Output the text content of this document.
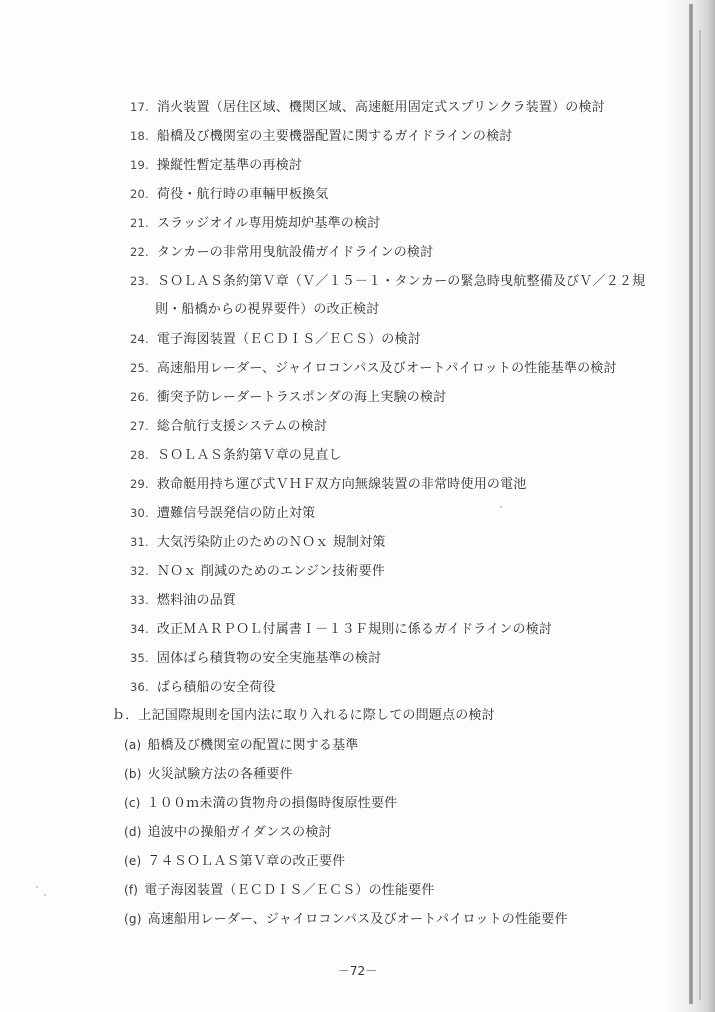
17. 消火装置（居住区域、機関区域、高速艇用固定式スプリンクラ装置）の検討
18. 船橋及び機関室の主要機器配置に関するガイドラインの検討
19. 操縦性暫定基準の再検討
20. 荷役・航行時の車輛甲板換気
21. スラッジオイル専用焼却炉基準の検討
22. タンカーの非常用曳航設備ガイドラインの検討
23. ＳＯＬＡＳ条約第Ｖ章（Ｖ／１５－１・タンカーの緊急時曳航整備及びＶ／２２規
則・船橋からの視界要件）の改正検討
24. 電子海図装置（ＥＣＤＩＳ／ＥＣＳ）の検討
25. 高速船用レーダー、ジャイロコンパス及びオートパイロットの性能基準の検討
26. 衝突予防レーダートラスポンダの海上実験の検討
27. 総合航行支援システムの検討
28. ＳＯＬＡＳ条約第Ｖ章の見直し
29. 救命艇用持ち運び式ＶＨＦ双方向無線装置の非常時使用の電池
30. 遭難信号誤発信の防止対策
31. 大気汚染防止のためのＮＯｘ 規制対策
32. ＮＯｘ 削減のためのエンジン技術要件
33. 燃料油の品質
34. 改正ＭＡＲＰＯＬ付属書Ｉ－１３Ｆ規則に係るガイドラインの検討
35. 固体ばら積貨物の安全実施基準の検討
36. ばら積船の安全荷役
ｂ．上記国際規則を国内法に取り入れるに際しての問題点の検討
(a) 船橋及び機関室の配置に関する基準
(b) 火災試験方法の各種要件
(c) １００ｍ未満の貨物舟の損傷時復原性要件
(d) 追波中の操船ガイダンスの検討
(e) ７４ＳＯＬＡＳ第Ｖ章の改正要件
(f) 電子海図装置（ＥＣＤＩＳ／ＥＣＳ）の性能要件
(g) 高速船用レーダー、ジャイロコンパス及びオートパイロットの性能要件
－72－
